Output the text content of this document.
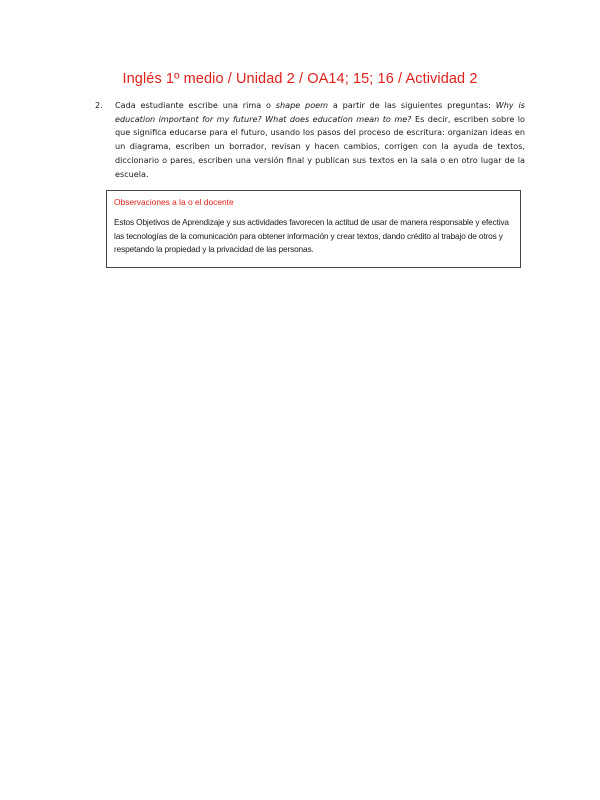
Inglés 1º medio / Unidad 2 / OA14; 15; 16 / Actividad 2
2. Cada estudiante escribe una rima o shape poem a partir de las siguientes preguntas: Why is education important for my future? What does education mean to me? Es decir, escriben sobre lo que significa educarse para el futuro, usando los pasos del proceso de escritura: organizan ideas en un diagrama, escriben un borrador, revisan y hacen cambios, corrigen con la ayuda de textos, diccionario o pares, escriben una versión final y publican sus textos en la sala o en otro lugar de la escuela.

Observaciones a la o el docente

Estos Objetivos de Aprendizaje y sus actividades favorecen la actitud de usar de manera responsable y efectiva las tecnologías de la comunicación para obtener información y crear textos, dando crédito al trabajo de otros y respetando la propiedad y la privacidad de las personas.
